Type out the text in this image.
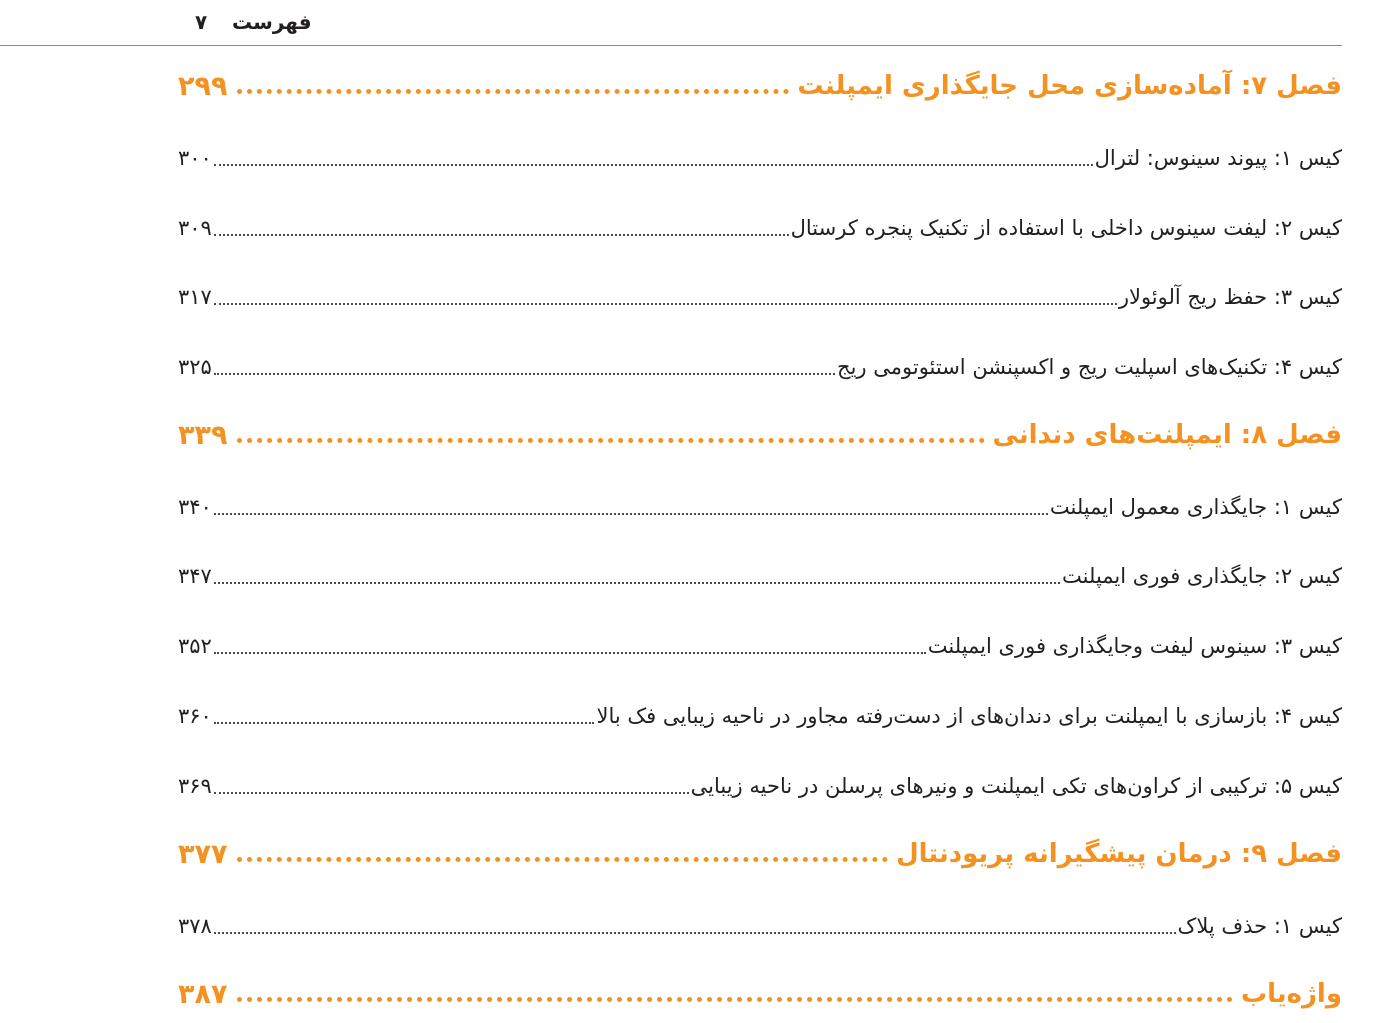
فهرست
۷
فصل ۷: آماده‌سازی محل جایگذاری ایمپلنت
۲۹۹
کیس ۱: پیوند سینوس: لترال
۳۰۰
کیس ۲: لیفت سینوس داخلی با استفاده از تکنیک پنجره کرستال
۳۰۹
کیس ۳: حفظ ریج آلوئولار
۳۱۷
کیس ۴: تکنیک‌های اسپلیت ریج و اکسپنشن استئوتومی ریج
۳۲۵
فصل ۸: ایمپلنت‌های دندانی
۳۳۹
کیس ۱: جایگذاری معمول ایمپلنت
۳۴۰
کیس ۲: جایگذاری فوری ایمپلنت
۳۴۷
کیس ۳: سینوس لیفت وجایگذاری فوری ایمپلنت
۳۵۲
کیس ۴: بازسازی با ایمپلنت برای دندان‌های از دست‌رفته مجاور در ناحیه زیبایی فک بالا
۳۶۰
کیس ۵: ترکیبی از کراون‌های تکی ایمپلنت و ونیرهای پرسلن در ناحیه زیبایی
۳۶۹
فصل ۹: درمان پیشگیرانه پریودنتال
۳۷۷
کیس ۱: حذف پلاک
۳۷۸
واژه‌یاب
۳۸۷
